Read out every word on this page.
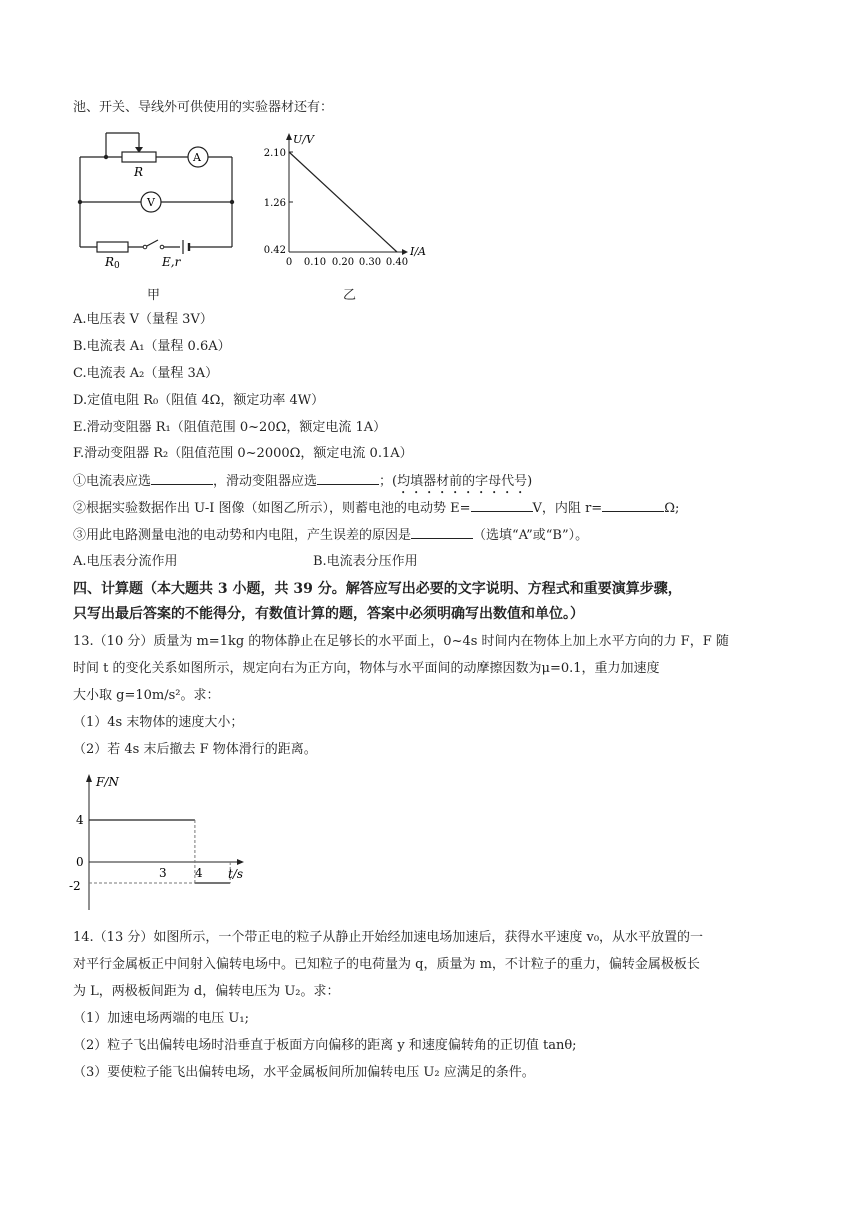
池、开关、导线外可供使用的实验器材还有：
R
A
V
R0	E,r
甲
U/V
I/A
2.10
1.26
0.42
0 0.10 0.20 0.30 0.40
乙
A.电压表 V（量程 3V）
B.电流表 A₁（量程 0.6A）
C.电流表 A₂（量程 3A）
D.定值电阻 R₀（阻值 4Ω，额定功率 4W）
E.滑动变阻器 R₁（阻值范围 0~20Ω，额定电流 1A）
F.滑动变阻器 R₂（阻值范围 0~2000Ω，额定电流 0.1A）
①电流表应选	，滑动变阻器应选	；(均填器材前的字母代号)
②根据实验数据作出 U-I 图像（如图乙所示），则蓄电池的电动势 E=	V，内阻 r=	Ω;
③用此电路测量电池的电动势和内电阻，产生误差的原因是	（选填“A”或“B”）。
A.电压表分流作用	B.电流表分压作用
四、计算题（本大题共 3 小题，共 39 分。解答应写出必要的文字说明、方程式和重要演算步骤，
只写出最后答案的不能得分，有数值计算的题，答案中必须明确写出数值和单位。）
13.（10 分）质量为 m=1kg 的物体静止在足够长的水平面上，0~4s 时间内在物体上加上水平方向的力 F，F 随
时间 t 的变化关系如图所示，规定向右为正方向，物体与水平面间的动摩擦因数为μ=0.1，重力加速度
大小取 g=10m/s²。求：
（1）4s 末物体的速度大小；
（2）若 4s 末后撤去 F 物体滑行的距离。
F/N
t/s
4
0
-2
3 4
14.（13 分）如图所示，一个带正电的粒子从静止开始经加速电场加速后，获得水平速度 v₀，从水平放置的一
对平行金属板正中间射入偏转电场中。已知粒子的电荷量为 q，质量为 m，不计粒子的重力，偏转金属极板长
为 L，两极板间距为 d，偏转电压为 U₂。求：
（1）加速电场两端的电压 U₁;
（2）粒子飞出偏转电场时沿垂直于板面方向偏移的距离 y 和速度偏转角的正切值 tanθ;
（3）要使粒子能飞出偏转电场，水平金属板间所加偏转电压 U₂ 应满足的条件。
